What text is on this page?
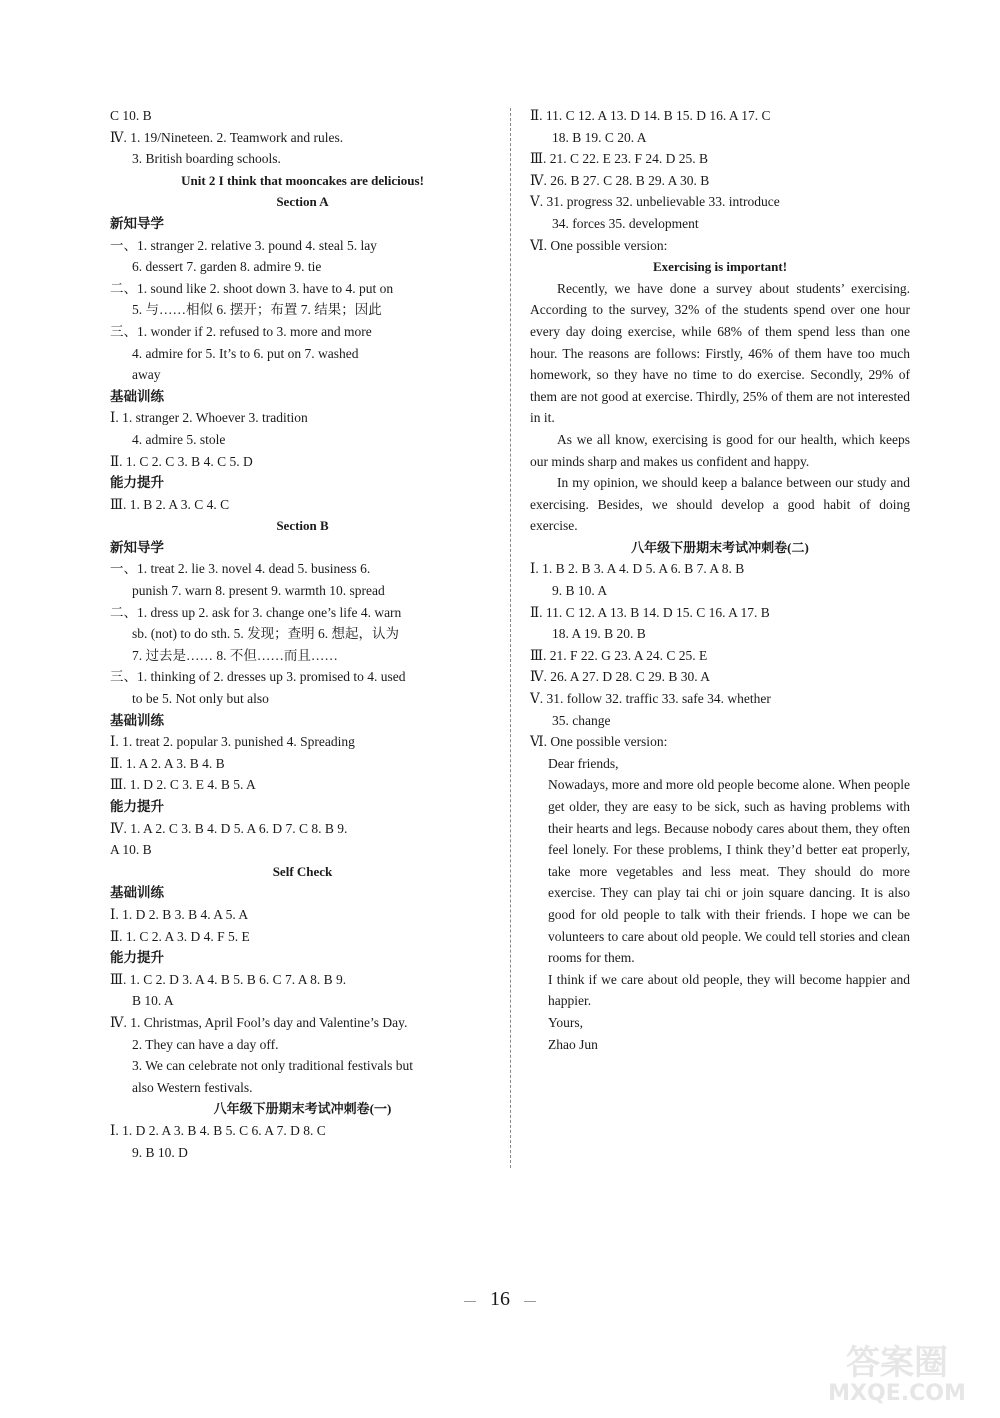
C 10. B
Ⅳ. 1. 19/Nineteen. 2. Teamwork and rules.
3. British boarding schools.
Unit 2 I think that mooncakes are delicious!
Section A
新知导学
一、1. stranger 2. relative 3. pound 4. steal 5. lay
6. dessert 7. garden 8. admire 9. tie
二、1. sound like 2. shoot down 3. have to 4. put on
5. 与……相似 6. 摆开；布置 7. 结果；因此
三、1. wonder if 2. refused to 3. more and more
4. admire for 5. It’s to 6. put on 7. washed
away
基础训练
Ⅰ. 1. stranger 2. Whoever 3. tradition
4. admire 5. stole
Ⅱ. 1. C 2. C 3. B 4. C 5. D
能力提升
Ⅲ. 1. B 2. A 3. C 4. C
Section B
新知导学
一、1. treat 2. lie 3. novel 4. dead 5. business 6.
punish 7. warn 8. present 9. warmth 10. spread
二、1. dress up 2. ask for 3. change one’s life 4. warn
sb. (not) to do sth. 5. 发现；查明 6. 想起，认为
7. 过去是…… 8. 不但……而且……
三、1. thinking of 2. dresses up 3. promised to 4. used
to be 5. Not only but also
基础训练
Ⅰ. 1. treat 2. popular 3. punished 4. Spreading
Ⅱ. 1. A 2. A 3. B 4. B
Ⅲ. 1. D 2. C 3. E 4. B 5. A
能力提升
Ⅳ. 1. A 2. C 3. B 4. D 5. A 6. D 7. C 8. B 9.
A 10. B
Self Check
基础训练
Ⅰ. 1. D 2. B 3. B 4. A 5. A
Ⅱ. 1. C 2. A 3. D 4. F 5. E
能力提升
Ⅲ. 1. C 2. D 3. A 4. B 5. B 6. C 7. A 8. B 9.
B 10. A
Ⅳ. 1. Christmas, April Fool’s day and Valentine’s Day.
2. They can have a day off.
3. We can celebrate not only traditional festivals but
also Western festivals.
八年级下册期末考试冲刺卷(一)
Ⅰ. 1. D 2. A 3. B 4. B 5. C 6. A 7. D 8. C
9. B 10. D
Ⅱ. 11. C 12. A 13. D 14. B 15. D 16. A 17. C
18. B 19. C 20. A
Ⅲ. 21. C 22. E 23. F 24. D 25. B
Ⅳ. 26. B 27. C 28. B 29. A 30. B
Ⅴ. 31. progress 32. unbelievable 33. introduce
34. forces 35. development
Ⅵ. One possible version:
Exercising is important!

Recently, we have done a survey about students’ exercising. According to the survey, 32% of the students spend over one hour every day doing exercise, while 68% of them spend less than one hour. The reasons are follows: Firstly, 46% of them have too much homework, so they have no time to do exercise. Secondly, 29% of them are not good at exercise. Thirdly, 25% of them are not interested in it.

As we all know, exercising is good for our health, which keeps our minds sharp and makes us confident and happy.

In my opinion, we should keep a balance between our study and exercising. Besides, we should develop a good habit of doing exercise.

八年级下册期末考试冲刺卷(二)
Ⅰ. 1. B 2. B 3. A 4. D 5. A 6. B 7. A 8. B
9. B 10. A
Ⅱ. 11. C 12. A 13. B 14. D 15. C 16. A 17. B
18. A 19. B 20. B
Ⅲ. 21. F 22. G 23. A 24. C 25. E
Ⅳ. 26. A 27. D 28. C 29. B 30. A
Ⅴ. 31. follow 32. traffic 33. safe 34. whether
35. change
Ⅵ. One possible version:
Dear friends,
Nowadays, more and more old people become alone. When people get older, they are easy to be sick, such as having problems with their hearts and legs. Because nobody cares about them, they often feel lonely. For these problems, I think they’d better eat properly, take more vegetables and less meat. They should do more exercise. They can play tai chi or join square dancing. It is also good for old people to talk with their friends. I hope we can be volunteers to care about old people. We could tell stories and clean rooms for them.
I think if we care about old people, they will become happier and happier.
Yours,
Zhao Jun
— 16 —
答案圈
MXQE.COM
